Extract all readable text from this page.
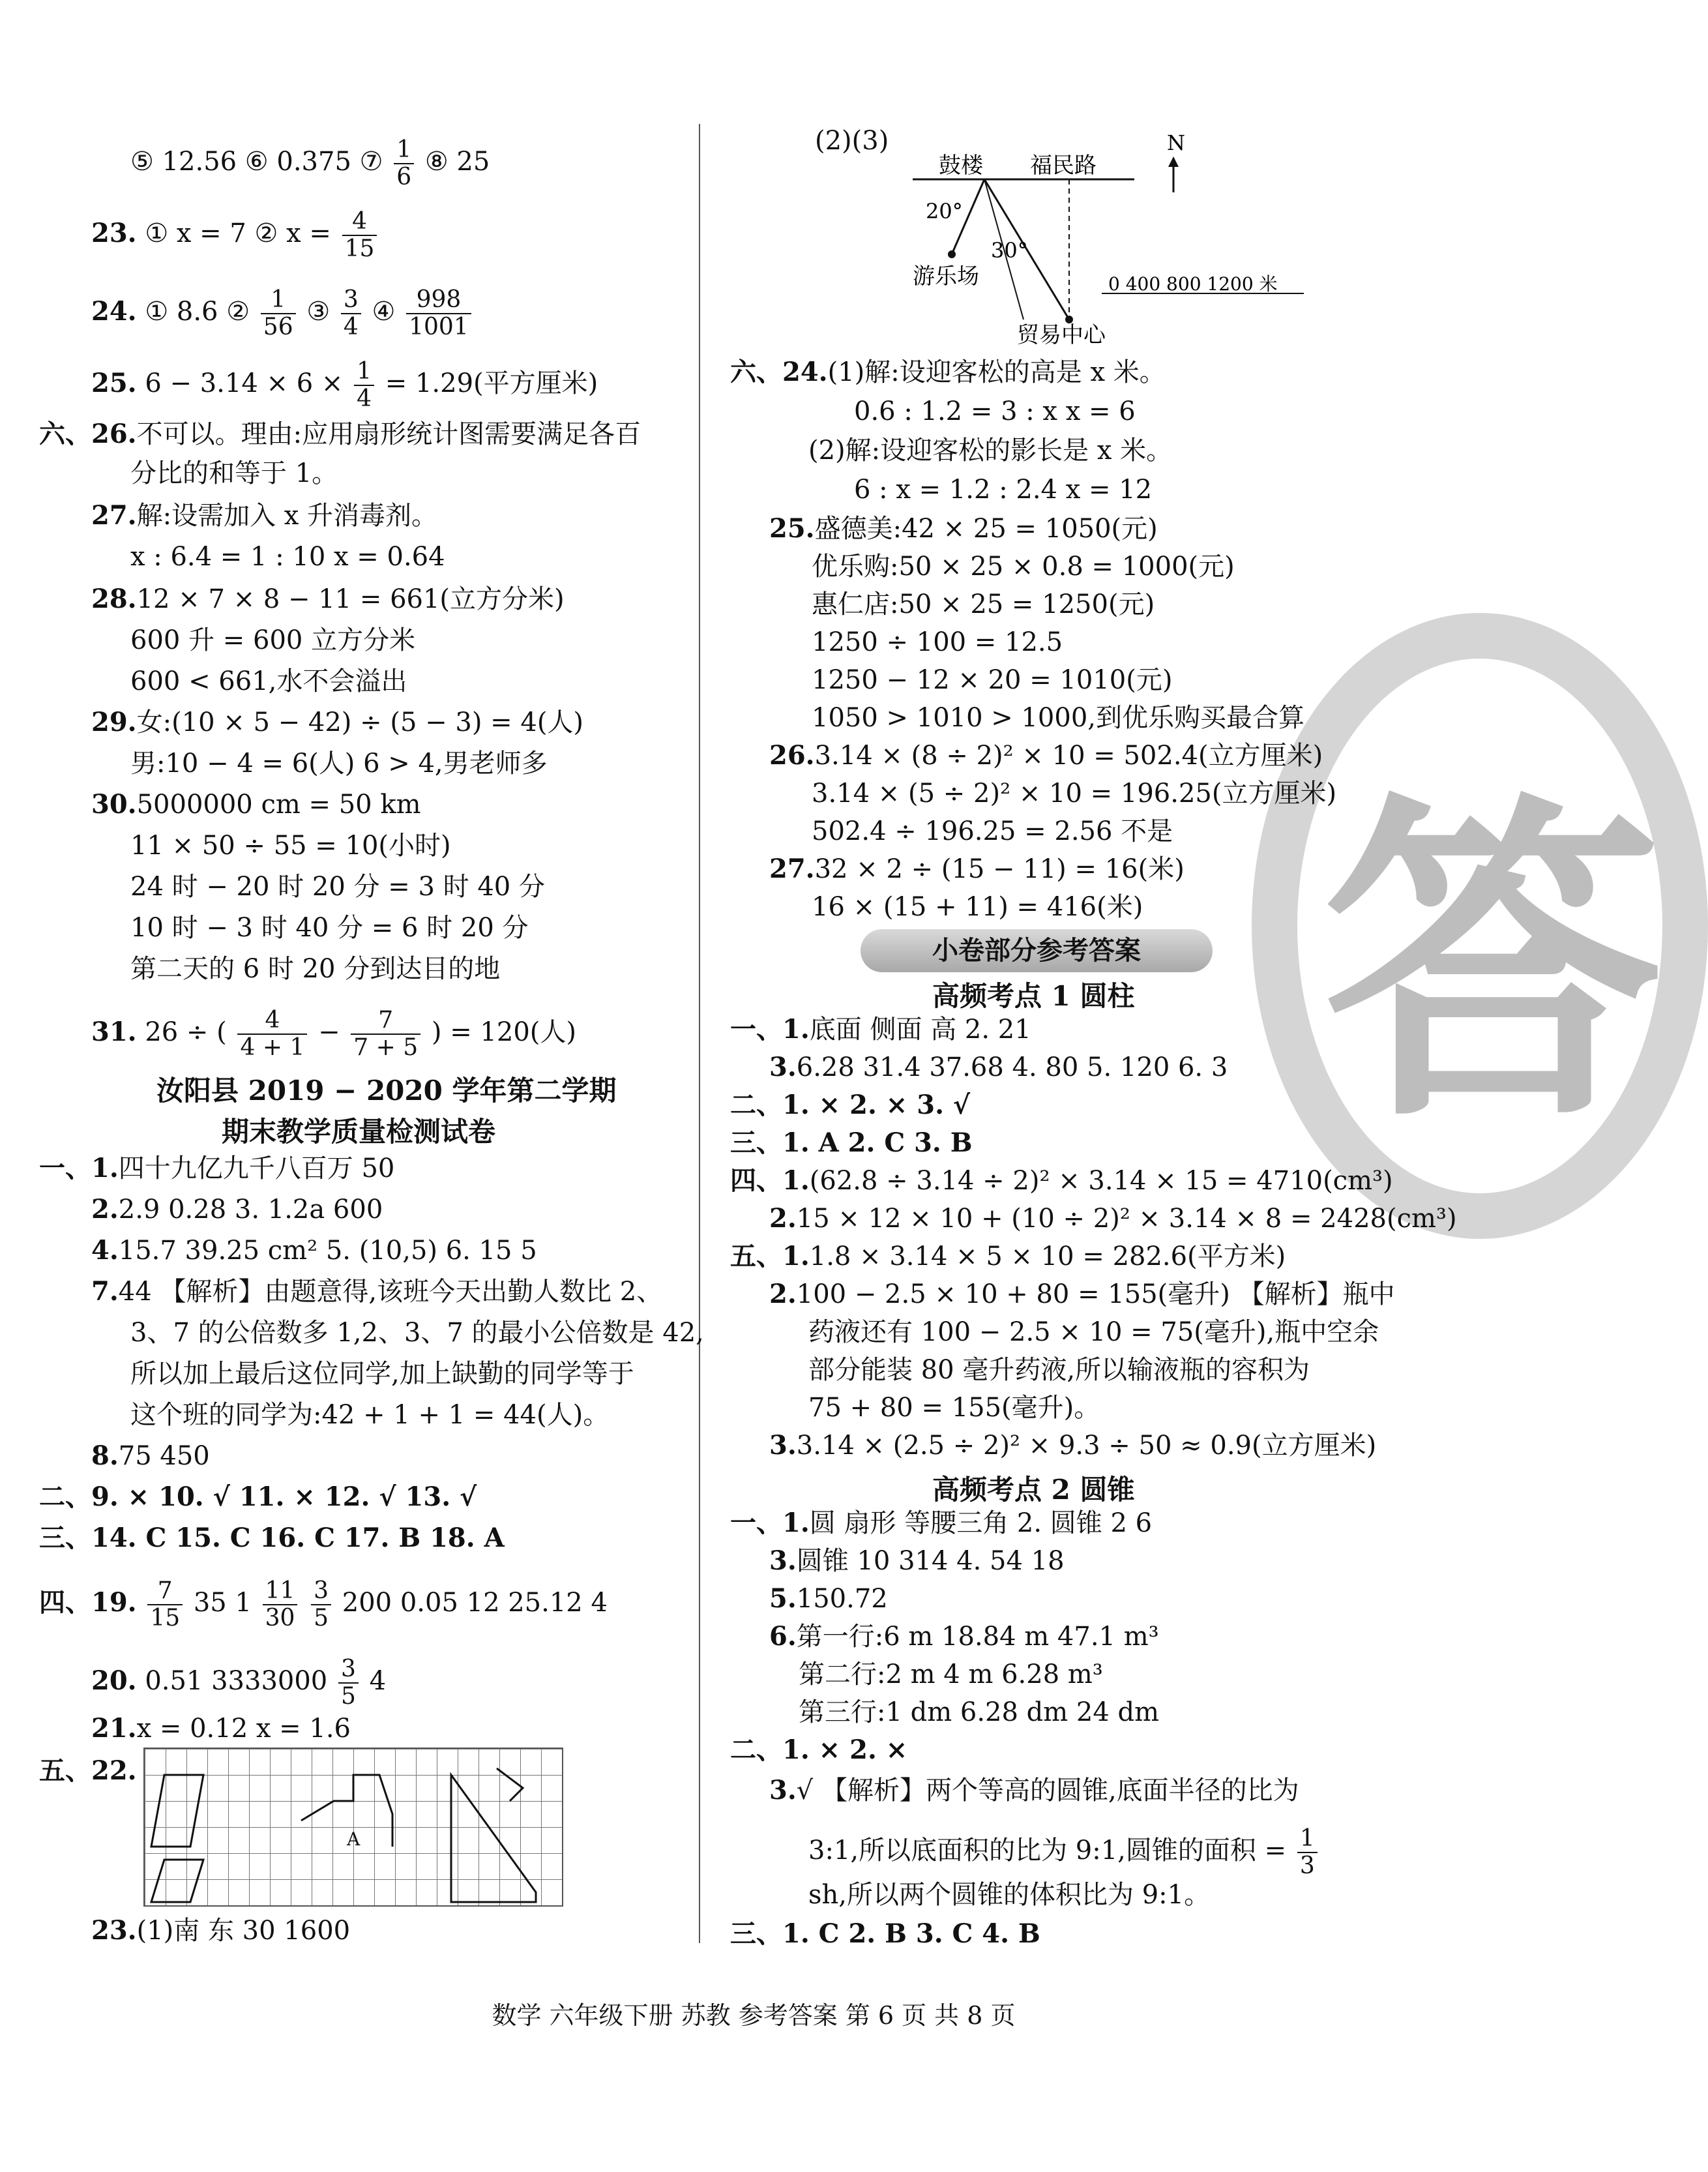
答
⑤ 12.56 ⑥ 0.375 ⑦ $\frac{1}{6}$ ⑧ 25
23. ① x = 7 ② $x = \frac{4}{15}$
24. ① 8.6 ② $\frac{1}{56}$ ③ $\frac{3}{4}$ ④ $\frac{998}{1001}$
25. $6 - 3.14 \times 6 \times \frac{1}{4} = 1.29$(平方厘米)
六、26.不可以。理由:应用扇形统计图需要满足各百
分比的和等于 1。
27.解:设需加入 x 升消毒剂。
x : 6.4 = 1 : 10 x = 0.64
28.12 × 7 × 8 − 11 = 661(立方分米)
600 升 = 600 立方分米
600 < 661,水不会溢出
29.女:(10 × 5 − 42) ÷ (5 − 3) = 4(人)
男:10 − 4 = 6(人) 6 > 4,男老师多
30.5000000 cm = 50 km
11 × 50 ÷ 55 = 10(小时)
24 时 − 20 时 20 分 = 3 时 40 分
10 时 − 3 时 40 分 = 6 时 20 分
第二天的 6 时 20 分到达目的地
31. 26 ÷ ( $\frac{4}{4 + 1} - \frac{7}{7 + 5}$ ) = 120(人)
汝阳县 2019 − 2020 学年第二学期
期末教学质量检测试卷
一、1.四十九亿九千八百万 50
2.2.9 0.28 3. 1.2a 600
4.15.7 39.25 cm² 5. (10,5) 6. 15 5
7.44 【解析】由题意得,该班今天出勤人数比 2、
3、7 的公倍数多 1,2、3、7 的最小公倍数是 42,
所以加上最后这位同学,加上缺勤的同学等于
这个班的同学为:42 + 1 + 1 = 44(人)。
8.75 450
二、9. × 10. √ 11. × 12. √ 13. √
三、14. C 15. C 16. C 17. B 18. A
四、19. $\frac{7}{15} 35$ $1 \frac{11}{30}$
$\frac{3}{5} 200$ 0.05 12 25.12 4
20. 0.51 $3333000 \frac{3}{5} 4$
21.x = 0.12 x = 1.6
五、22.
A
23.(1)南 东 30 1600
(2)(3)	N
鼓楼 福民路
20°
30°
游乐场	0 400 800 1200 米
贸易中心
六、24.(1)解:设迎客松的高是 x 米。
0.6 : 1.2 = 3 : x x = 6
(2)解:设迎客松的影长是 x 米。
6 : x = 1.2 : 2.4 x = 12
25.盛德美:42 × 25 = 1050(元)
优乐购:50 × 25 × 0.8 = 1000(元)
惠仁店:50 × 25 = 1250(元)
1250 ÷ 100 = 12.5
1250 − 12 × 20 = 1010(元)
1050 > 1010 > 1000,到优乐购买最合算
26.3.14 × (8 ÷ 2)² × 10 = 502.4(立方厘米)
3.14 × (5 ÷ 2)² × 10 = 196.25(立方厘米)
502.4 ÷ 196.25 = 2.56 不是
27.32 × 2 ÷ (15 − 11) = 16(米)
16 × (15 + 11) = 416(米)
小卷部分参考答案
高频考点 1 圆柱
一、1.底面 侧面 高 2. 21
3.6.28 31.4 37.68 4. 80 5. 120 6. 3
二、1. × 2. × 3. √
三、1. A 2. C 3. B
四、1.(62.8 ÷ 3.14 ÷ 2)² × 3.14 × 15 = 4710(cm³)
2.15 × 12 × 10 + (10 ÷ 2)² × 3.14 × 8 = 2428(cm³)
五、1.1.8 × 3.14 × 5 × 10 = 282.6(平方米)
2.100 − 2.5 × 10 + 80 = 155(毫升) 【解析】瓶中
药液还有 100 − 2.5 × 10 = 75(毫升),瓶中空余
部分能装 80 毫升药液,所以输液瓶的容积为
75 + 80 = 155(毫升)。
3.3.14 × (2.5 ÷ 2)² × 9.3 ÷ 50 ≈ 0.9(立方厘米)
高频考点 2 圆锥
一、1.圆 扇形 等腰三角 2. 圆锥 2 6
3.圆锥 10 314 4. 54 18
5.150.72
6.第一行:6 m 18.84 m 47.1 m³
第二行:2 m 4 m 6.28 m³
第三行:1 dm 6.28 dm 24 dm
二、1. × 2. ×
3.√ 【解析】两个等高的圆锥,底面半径的比为
3:1,所以底面积的比为 9:1,圆锥的面积 = $\frac{1}{3}$
sh,所以两个圆锥的体积比为 9:1。
三、1. C 2. B 3. C 4. B
数学 六年级下册 苏教 参考答案 第 6 页 共 8 页
